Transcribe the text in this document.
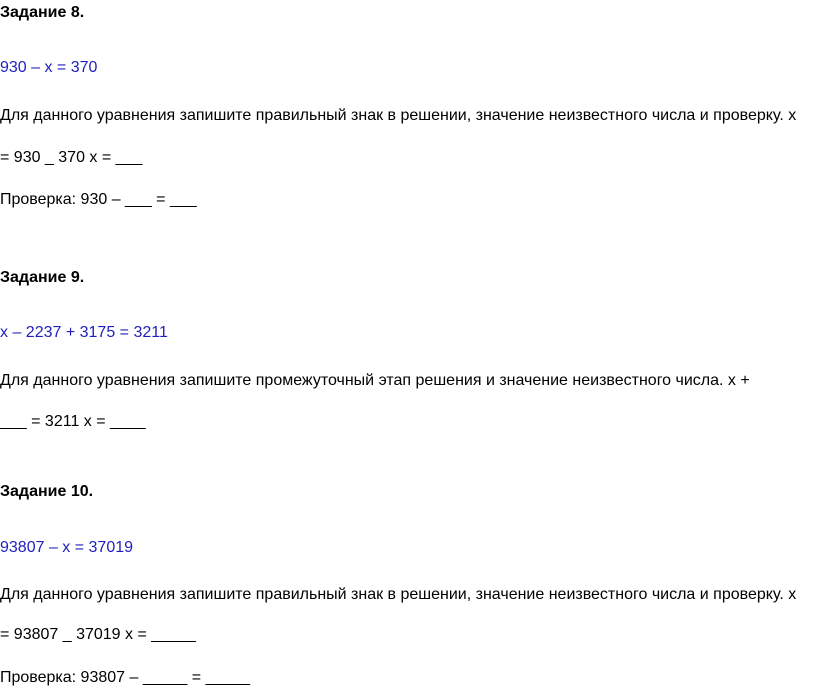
Задание 8.
930 – x = 370
Для данного уравнения запишите правильный знак в решении, значение неизвестного числа и проверку. x
= 930 _ 370 x = ___
Проверка: 930 – ___ = ___
Задание 9.
x – 2237 + 3175 = 3211
Для данного уравнения запишите промежуточный этап решения и значение неизвестного числа. x +
___ = 3211 x = ____
Задание 10.
93807 – x = 37019
Для данного уравнения запишите правильный знак в решении, значение неизвестного числа и проверку. x
= 93807 _ 37019 x = _____
Проверка: 93807 – _____ = _____
